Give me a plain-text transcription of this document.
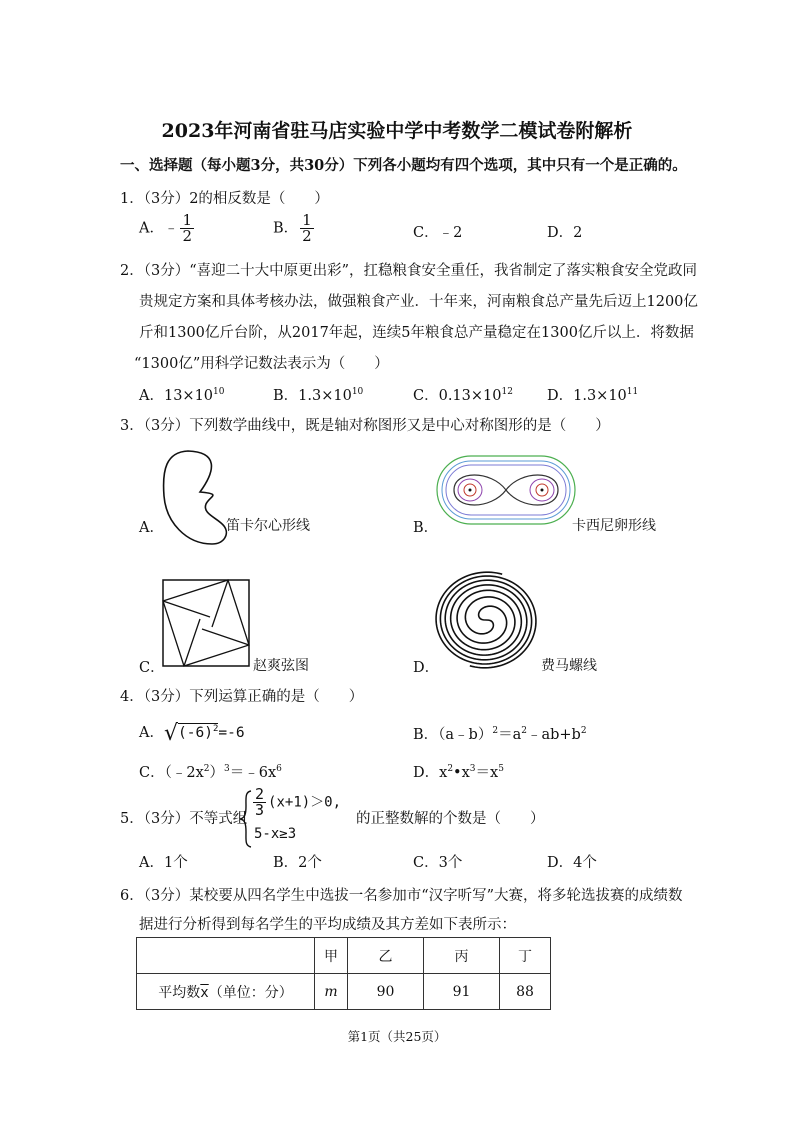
2023年河南省驻马店实验中学中考数学二模试卷附解析
一、选择题（每小题3分，共30分）下列各小题均有四个选项，其中只有一个是正确的。
1．（3分）2的相反数是（　　）
A．﹣ $\frac{1}{2}$	B． $\frac{1}{2}$	C．﹣2	D．2
2．（3分）“喜迎二十大中原更出彩”，扛稳粮食安全重任，我省制定了落实粮食安全党政同
贵规定方案和具体考核办法，做强粮食产业．十年来，河南粮食总产量先后迈上1200亿
斤和1300亿斤台阶，从2017年起，连续5年粮食总产量稳定在1300亿斤以上．将数据
“1300亿”用科学记数法表示为（　　）
A．$13\times 10^{10}$	B．$1.3\times 10^{10}$	C．$0.13\times 10^{12}$ D．$1.3\times 10^{11}$
3．（3分）下列数学曲线中，既是轴对称图形又是中心对称图形的是（　　）
A．	笛卡尔心形线	B．	卡西尼卵形线
C．	赵爽弦图	D．	费马螺线
4．（3分）下列运算正确的是（　　）
A．$√(-6)^2=-6$	B．$(a﹣b)^2=a^2﹣ab+b^2$
C．$(﹣2x^2)^3=﹣6x^6$	D．$x^2•x^3=x^5$
5．（3分）不等式组
$\frac{2}{3} (x+1)>0$,
5-x≥3
的正整数解的个数是（　　）
A．1个	B．2个	C．3个	D．4个
6．（3分）某校要从四名学生中选拔一名参加市“汉字听写”大赛，将多轮选拔赛的成绩数
据进行分析得到每名学生的平均成绩及其方差如下表所示：
	甲	乙	丙	丁
平均数$\overline{x}$（单位：分）	m	90	91	88
第1页（共25页）
